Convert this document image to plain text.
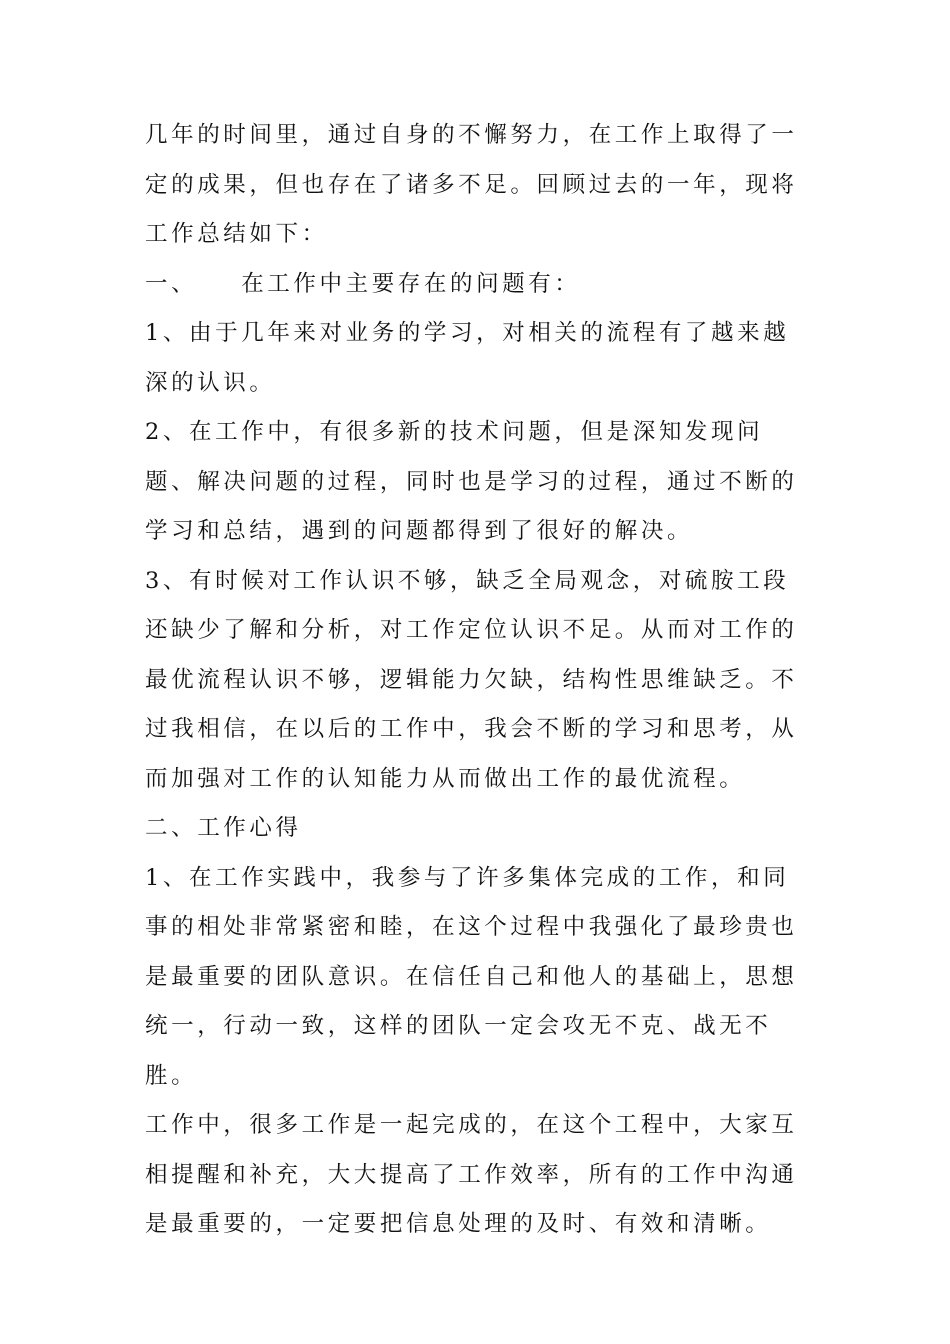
几年的时间里，通过自身的不懈努力，在工作上取得了一定的成果，但也存在了诸多不足。回顾过去的一年，现将工作总结如下：

一、 在工作中主要存在的问题有：

1、由于几年来对业务的学习，对相关的流程有了越来越深的认识。

2、在工作中，有很多新的技术问题，但是深知发现问题、解决问题的过程，同时也是学习的过程，通过不断的学习和总结，遇到的问题都得到了很好的解决。

3、有时候对工作认识不够，缺乏全局观念，对硫胺工段还缺少了解和分析，对工作定位认识不足。从而对工作的最优流程认识不够，逻辑能力欠缺，结构性思维缺乏。不过我相信，在以后的工作中，我会不断的学习和思考，从而加强对工作的认知能力从而做出工作的最优流程。

二、工作心得

1、在工作实践中，我参与了许多集体完成的工作，和同事的相处非常紧密和睦，在这个过程中我强化了最珍贵也是最重要的团队意识。在信任自己和他人的基础上，思想统一，行动一致，这样的团队一定会攻无不克、战无不胜。

工作中，很多工作是一起完成的，在这个工程中，大家互相提醒和补充，大大提高了工作效率，所有的工作中沟通是最重要的，一定要把信息处理的及时、有效和清晰。
